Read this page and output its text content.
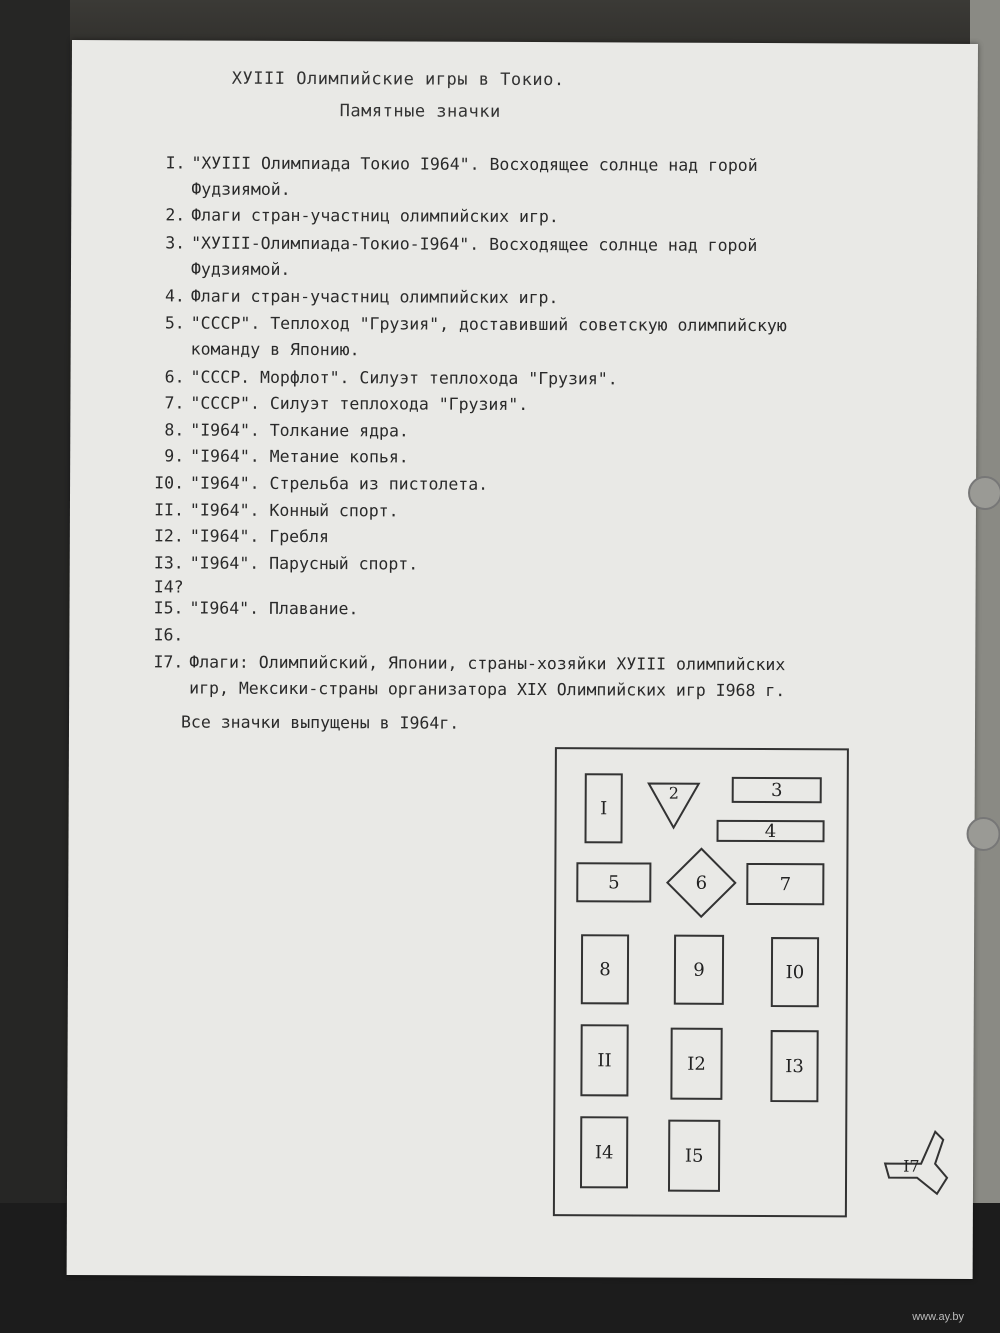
ХУIII Олимпийские игры в Токио.
Памятные значки
I. "ХУIII Олимпиада Токио I964". Восходящее солнце над горой
Фудзиямой.
2. Флаги стран-участниц олимпийских игр.
3. "ХУIII-Олимпиада-Токио-I964". Восходящее солнце над горой
Фудзиямой.
4. Флаги стран-участниц олимпийских игр.
5. "СССР". Теплоход "Грузия", доставивший советскую олимпийскую
команду в Японию.
6. "СССР. Морфлот". Силуэт теплохода "Грузия".
7. "СССР". Силуэт теплохода "Грузия".
8. "I964". Толкание ядра.
9. "I964". Метание копья.
I0. "I964". Стрельба из пистолета.
II. "I964". Конный спорт.
I2. "I964". Гребля
I3. "I964". Парусный спорт.
I4?
I5. "I964". Плавание.
I6.
I7. Флаги: Олимпийский, Японии, страны-хозяйки ХУIII олимпийских
игр, Мексики-страны организатора XIX Олимпийских игр I968 г.
Все значки выпущены в I964г.
I
2	3
4
5	6	7
8	9	I0
II	I2	I3
I4	I5	I7
www.ay.by
